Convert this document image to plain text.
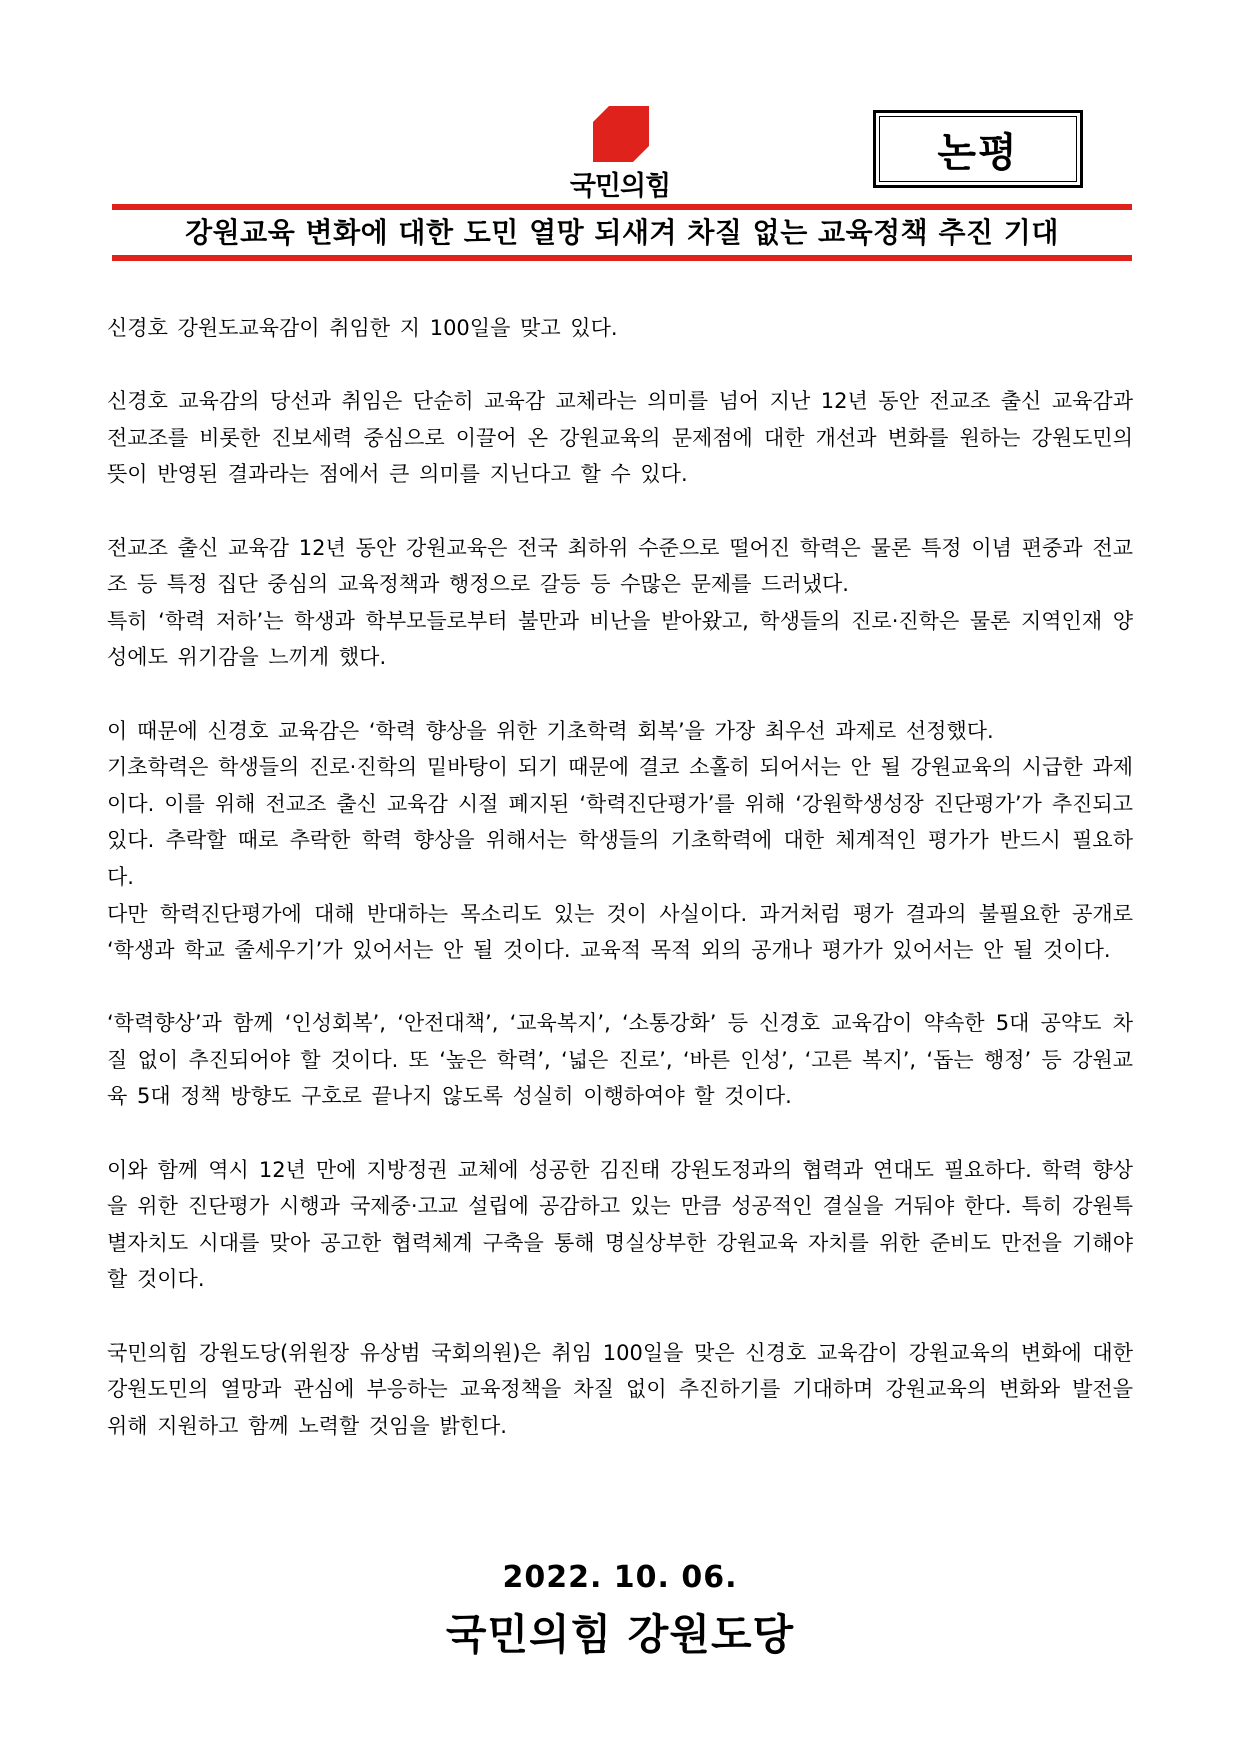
국민의힘
논평
강원교육 변화에 대한 도민 열망 되새겨 차질 없는 교육정책 추진 기대

신경호 강원도교육감이 취임한 지 100일을 맞고 있다.

신경호 교육감의 당선과 취임은 단순히 교육감 교체라는 의미를 넘어 지난 12년 동안 전교조 출신 교육감과 전교조를 비롯한 진보세력 중심으로 이끌어 온 강원교육의 문제점에 대한 개선과 변화를 원하는 강원도민의 뜻이 반영된 결과라는 점에서 큰 의미를 지닌다고 할 수 있다.

전교조 출신 교육감 12년 동안 강원교육은 전국 최하위 수준으로 떨어진 학력은 물론 특정 이념 편중과 전교조 등 특정 집단 중심의 교육정책과 행정으로 갈등 등 수많은 문제를 드러냈다.

특히 ‘학력 저하’는 학생과 학부모들로부터 불만과 비난을 받아왔고, 학생들의 진로·진학은 물론 지역인재 양성에도 위기감을 느끼게 했다.

이 때문에 신경호 교육감은 ‘학력 향상을 위한 기초학력 회복’을 가장 최우선 과제로 선정했다.

기초학력은 학생들의 진로·진학의 밑바탕이 되기 때문에 결코 소홀히 되어서는 안 될 강원교육의 시급한 과제이다. 이를 위해 전교조 출신 교육감 시절 폐지된 ‘학력진단평가’를 위해 ‘강원학생성장 진단평가’가 추진되고 있다. 추락할 때로 추락한 학력 향상을 위해서는 학생들의 기초학력에 대한 체계적인 평가가 반드시 필요하다.

다만 학력진단평가에 대해 반대하는 목소리도 있는 것이 사실이다. 과거처럼 평가 결과의 불필요한 공개로 ‘학생과 학교 줄세우기’가 있어서는 안 될 것이다. 교육적 목적 외의 공개나 평가가 있어서는 안 될 것이다.

‘학력향상’과 함께 ‘인성회복’, ‘안전대책’, ‘교육복지’, ‘소통강화’ 등 신경호 교육감이 약속한 5대 공약도 차질 없이 추진되어야 할 것이다. 또 ‘높은 학력’, ‘넓은 진로’, ‘바른 인성’, ‘고른 복지’, ‘돕는 행정’ 등 강원교육 5대 정책 방향도 구호로 끝나지 않도록 성실히 이행하여야 할 것이다.

이와 함께 역시 12년 만에 지방정권 교체에 성공한 김진태 강원도정과의 협력과 연대도 필요하다. 학력 향상을 위한 진단평가 시행과 국제중·고교 설립에 공감하고 있는 만큼 성공적인 결실을 거둬야 한다. 특히 강원특별자치도 시대를 맞아 공고한 협력체계 구축을 통해 명실상부한 강원교육 자치를 위한 준비도 만전을 기해야 할 것이다.

국민의힘 강원도당(위원장 유상범 국회의원)은 취임 100일을 맞은 신경호 교육감이 강원교육의 변화에 대한 강원도민의 열망과 관심에 부응하는 교육정책을 차질 없이 추진하기를 기대하며 강원교육의 변화와 발전을 위해 지원하고 함께 노력할 것임을 밝힌다.

2022. 10. 06.
국민의힘 강원도당
